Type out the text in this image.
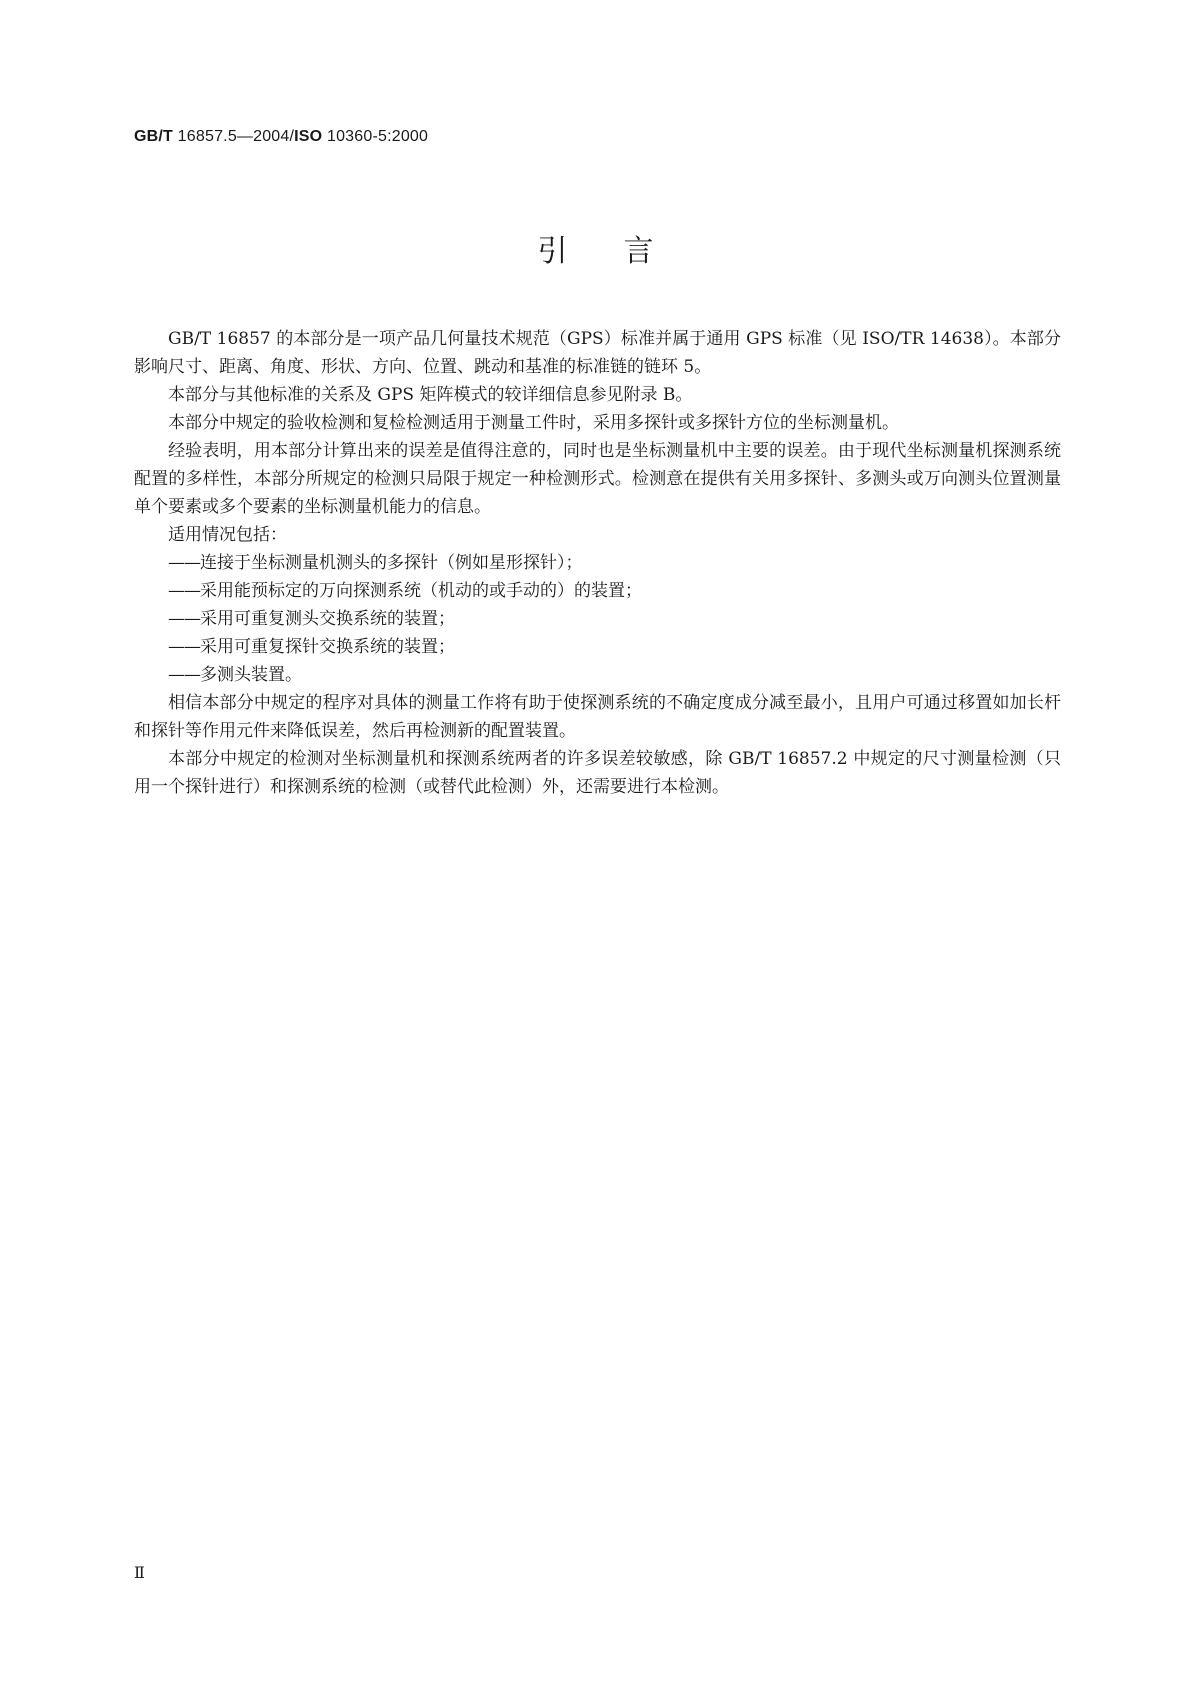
GB/T 16857.5—2004/ISO 10360-5:2000
引言

GB/T 16857 的本部分是一项产品几何量技术规范（GPS）标准并属于通用 GPS 标准（见 ISO/TR 14638）。本部分影响尺寸、距离、角度、形状、方向、位置、跳动和基准的标准链的链环 5。

本部分与其他标准的关系及 GPS 矩阵模式的较详细信息参见附录 B。

本部分中规定的验收检测和复检检测适用于测量工件时，采用多探针或多探针方位的坐标测量机。

经验表明，用本部分计算出来的误差是值得注意的，同时也是坐标测量机中主要的误差。由于现代坐标测量机探测系统配置的多样性，本部分所规定的检测只局限于规定一种检测形式。检测意在提供有关用多探针、多测头或万向测头位置测量单个要素或多个要素的坐标测量机能力的信息。

适用情况包括：

——连接于坐标测量机测头的多探针（例如星形探针）；

——采用能预标定的万向探测系统（机动的或手动的）的装置；

——采用可重复测头交换系统的装置；

——采用可重复探针交换系统的装置；

——多测头装置。

相信本部分中规定的程序对具体的测量工作将有助于使探测系统的不确定度成分减至最小，且用户可通过移置如加长杆和探针等作用元件来降低误差，然后再检测新的配置装置。

本部分中规定的检测对坐标测量机和探测系统两者的许多误差较敏感，除 GB/T 16857.2 中规定的尺寸测量检测（只用一个探针进行）和探测系统的检测（或替代此检测）外，还需要进行本检测。

Ⅱ
